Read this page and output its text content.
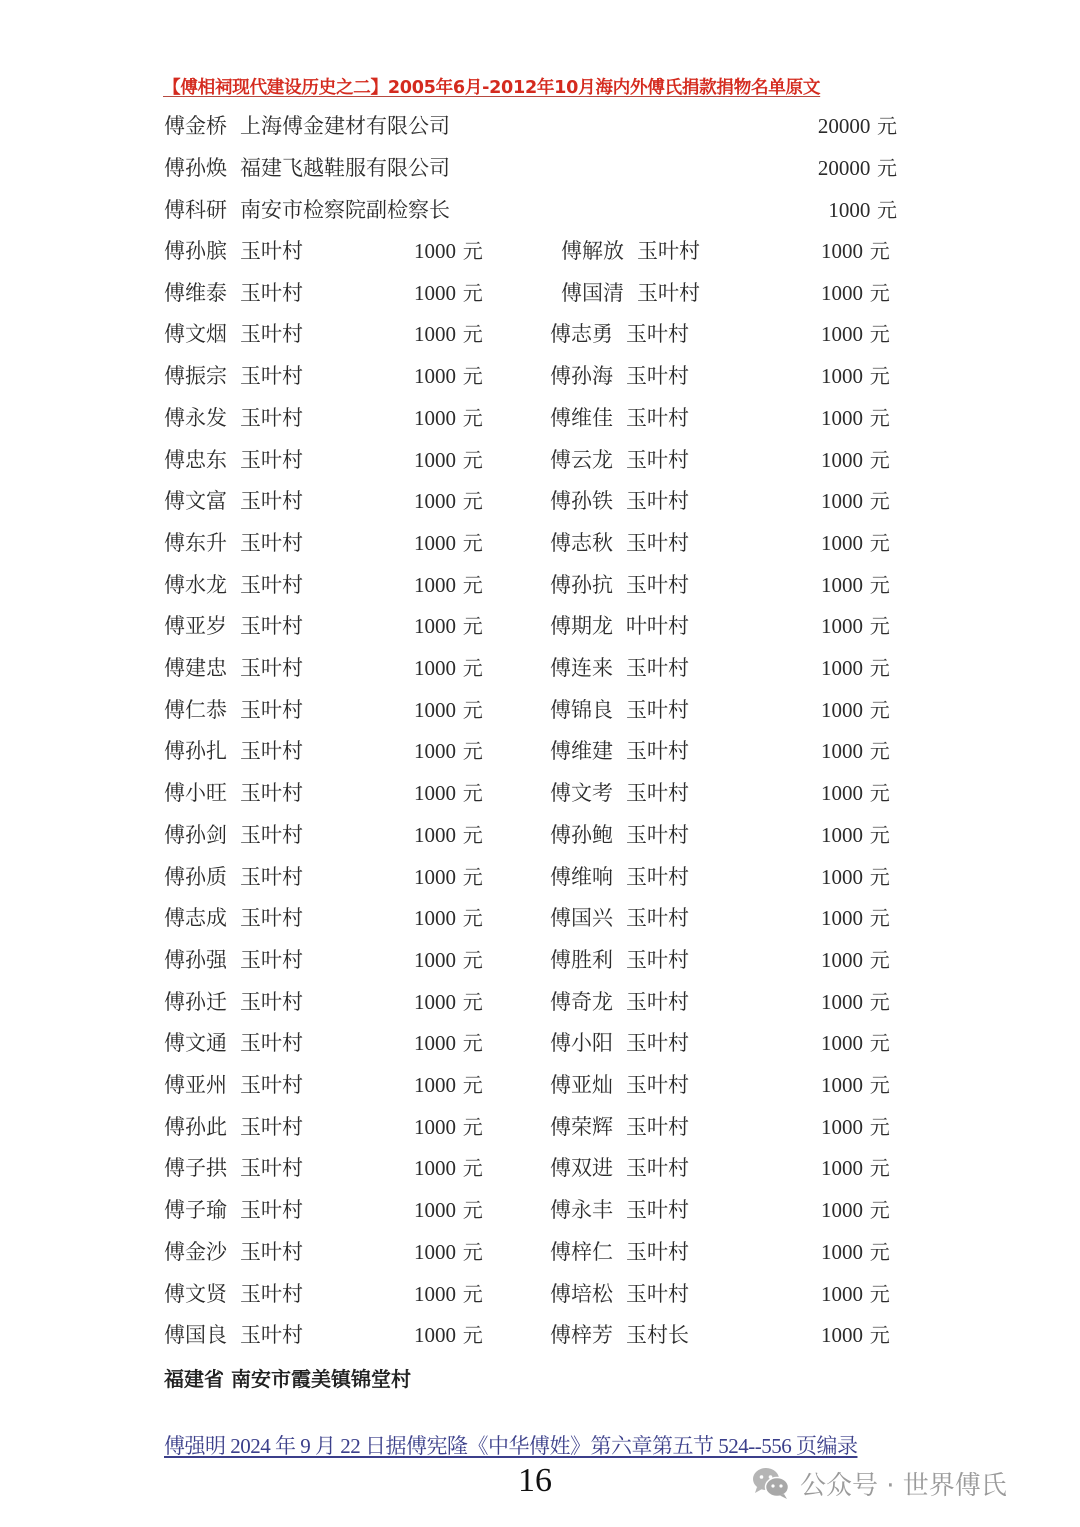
【傅相祠现代建设历史之二】2005年6月-2012年10月海内外傅氏捐款捐物名单原文
傅金桥 上海傅金建材有限公司	20000 元
傅孙焕 福建飞越鞋服有限公司	20000 元
傅科研 南安市检察院副检察长	1000 元
傅孙膑 玉叶村	1000 元	傅解放 玉叶村	1000 元
傅维泰 玉叶村	1000 元	傅国清 玉叶村	1000 元
傅文烟 玉叶村	1000 元	傅志勇 玉叶村	1000 元
傅振宗 玉叶村	1000 元	傅孙海 玉叶村	1000 元
傅永发 玉叶村	1000 元	傅维佳 玉叶村	1000 元
傅忠东 玉叶村	1000 元	傅云龙 玉叶村	1000 元
傅文富 玉叶村	1000 元	傅孙铁 玉叶村	1000 元
傅东升 玉叶村	1000 元	傅志秋 玉叶村	1000 元
傅水龙 玉叶村	1000 元	傅孙抗 玉叶村	1000 元
傅亚岁 玉叶村	1000 元	傅期龙 叶叶村	1000 元
傅建忠 玉叶村	1000 元	傅连来 玉叶村	1000 元
傅仁恭 玉叶村	1000 元	傅锦良 玉叶村	1000 元
傅孙扎 玉叶村	1000 元	傅维建 玉叶村	1000 元
傅小旺 玉叶村	1000 元	傅文考 玉叶村	1000 元
傅孙剑 玉叶村	1000 元	傅孙鲍 玉叶村	1000 元
傅孙质 玉叶村	1000 元	傅维响 玉叶村	1000 元
傅志成 玉叶村	1000 元	傅国兴 玉叶村	1000 元
傅孙强 玉叶村	1000 元	傅胜利 玉叶村	1000 元
傅孙迁 玉叶村	1000 元	傅奇龙 玉叶村	1000 元
傅文通 玉叶村	1000 元	傅小阳 玉叶村	1000 元
傅亚州 玉叶村	1000 元	傅亚灿 玉叶村	1000 元
傅孙此 玉叶村	1000 元	傅荣辉 玉叶村	1000 元
傅子拱 玉叶村	1000 元	傅双进 玉叶村	1000 元
傅子瑜 玉叶村	1000 元	傅永丰 玉叶村	1000 元
傅金沙 玉叶村	1000 元	傅梓仁 玉叶村	1000 元
傅文贤 玉叶村	1000 元	傅培松 玉叶村	1000 元
傅国良 玉叶村	1000 元	傅梓芳 玉村长	1000 元
福建省 南安市霞美镇锦堂村
傅强明 2024 年 9 月 22 日据傅宪隆《中华傅姓》第六章第五节 524--556 页编录
16	公众号 · 世界傅氏
